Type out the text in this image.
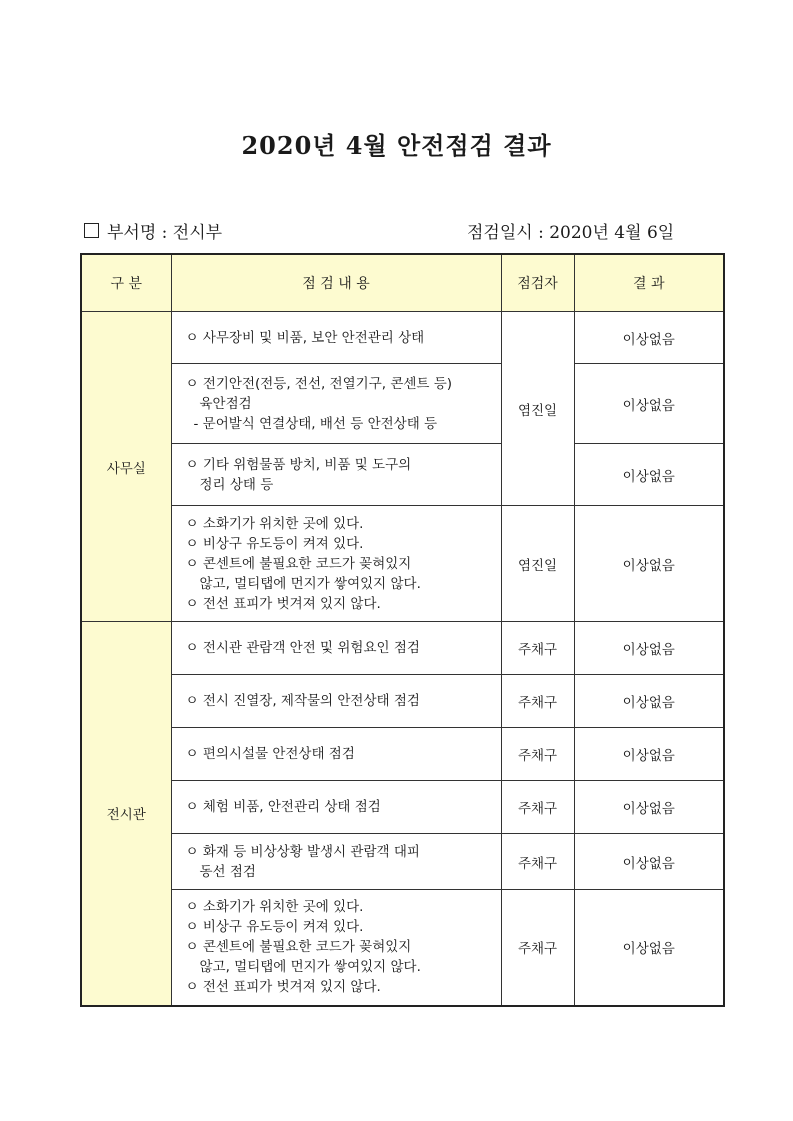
2020년 4월 안전점검 결과
부서명 : 전시부	점검일시 : 2020년 4월 6일
구 분	점 검 내 용	점검자	결 과
사무실	ㅇ 사무장비 및 비품, 보안 안전관리 상태	염진일	이상없음

	ㅇ 전기안전(전등, 전선, 전열기구, 콘센트 등)
육안점검
- 문어발식 연결상태, 배선 등 안전상태 등		이상없음

	ㅇ 기타 위험물품 방치, 비품 및 도구의
정리 상태 등		이상없음

	ㅇ 소화기가 위치한 곳에 있다.
ㅇ 비상구 유도등이 켜져 있다.
ㅇ 콘센트에 불필요한 코드가 꽂혀있지
않고, 멀티탭에 먼지가 쌓여있지 않다.
ㅇ 전선 표피가 벗겨져 있지 않다.	염진일	이상없음
전시관	ㅇ 전시관 관람객 안전 및 위험요인 점검	주채구	이상없음

	ㅇ 전시 진열장, 제작물의 안전상태 점검	주채구	이상없음

	ㅇ 편의시설물 안전상태 점검	주채구	이상없음

	ㅇ 체험 비품, 안전관리 상태 점검	주채구	이상없음

	ㅇ 화재 등 비상상황 발생시 관람객 대피
동선 점검	주채구	이상없음

	ㅇ 소화기가 위치한 곳에 있다.
ㅇ 비상구 유도등이 켜져 있다.
ㅇ 콘센트에 불필요한 코드가 꽂혀있지
않고, 멀티탭에 먼지가 쌓여있지 않다.
ㅇ 전선 표피가 벗겨져 있지 않다.	주채구	이상없음
